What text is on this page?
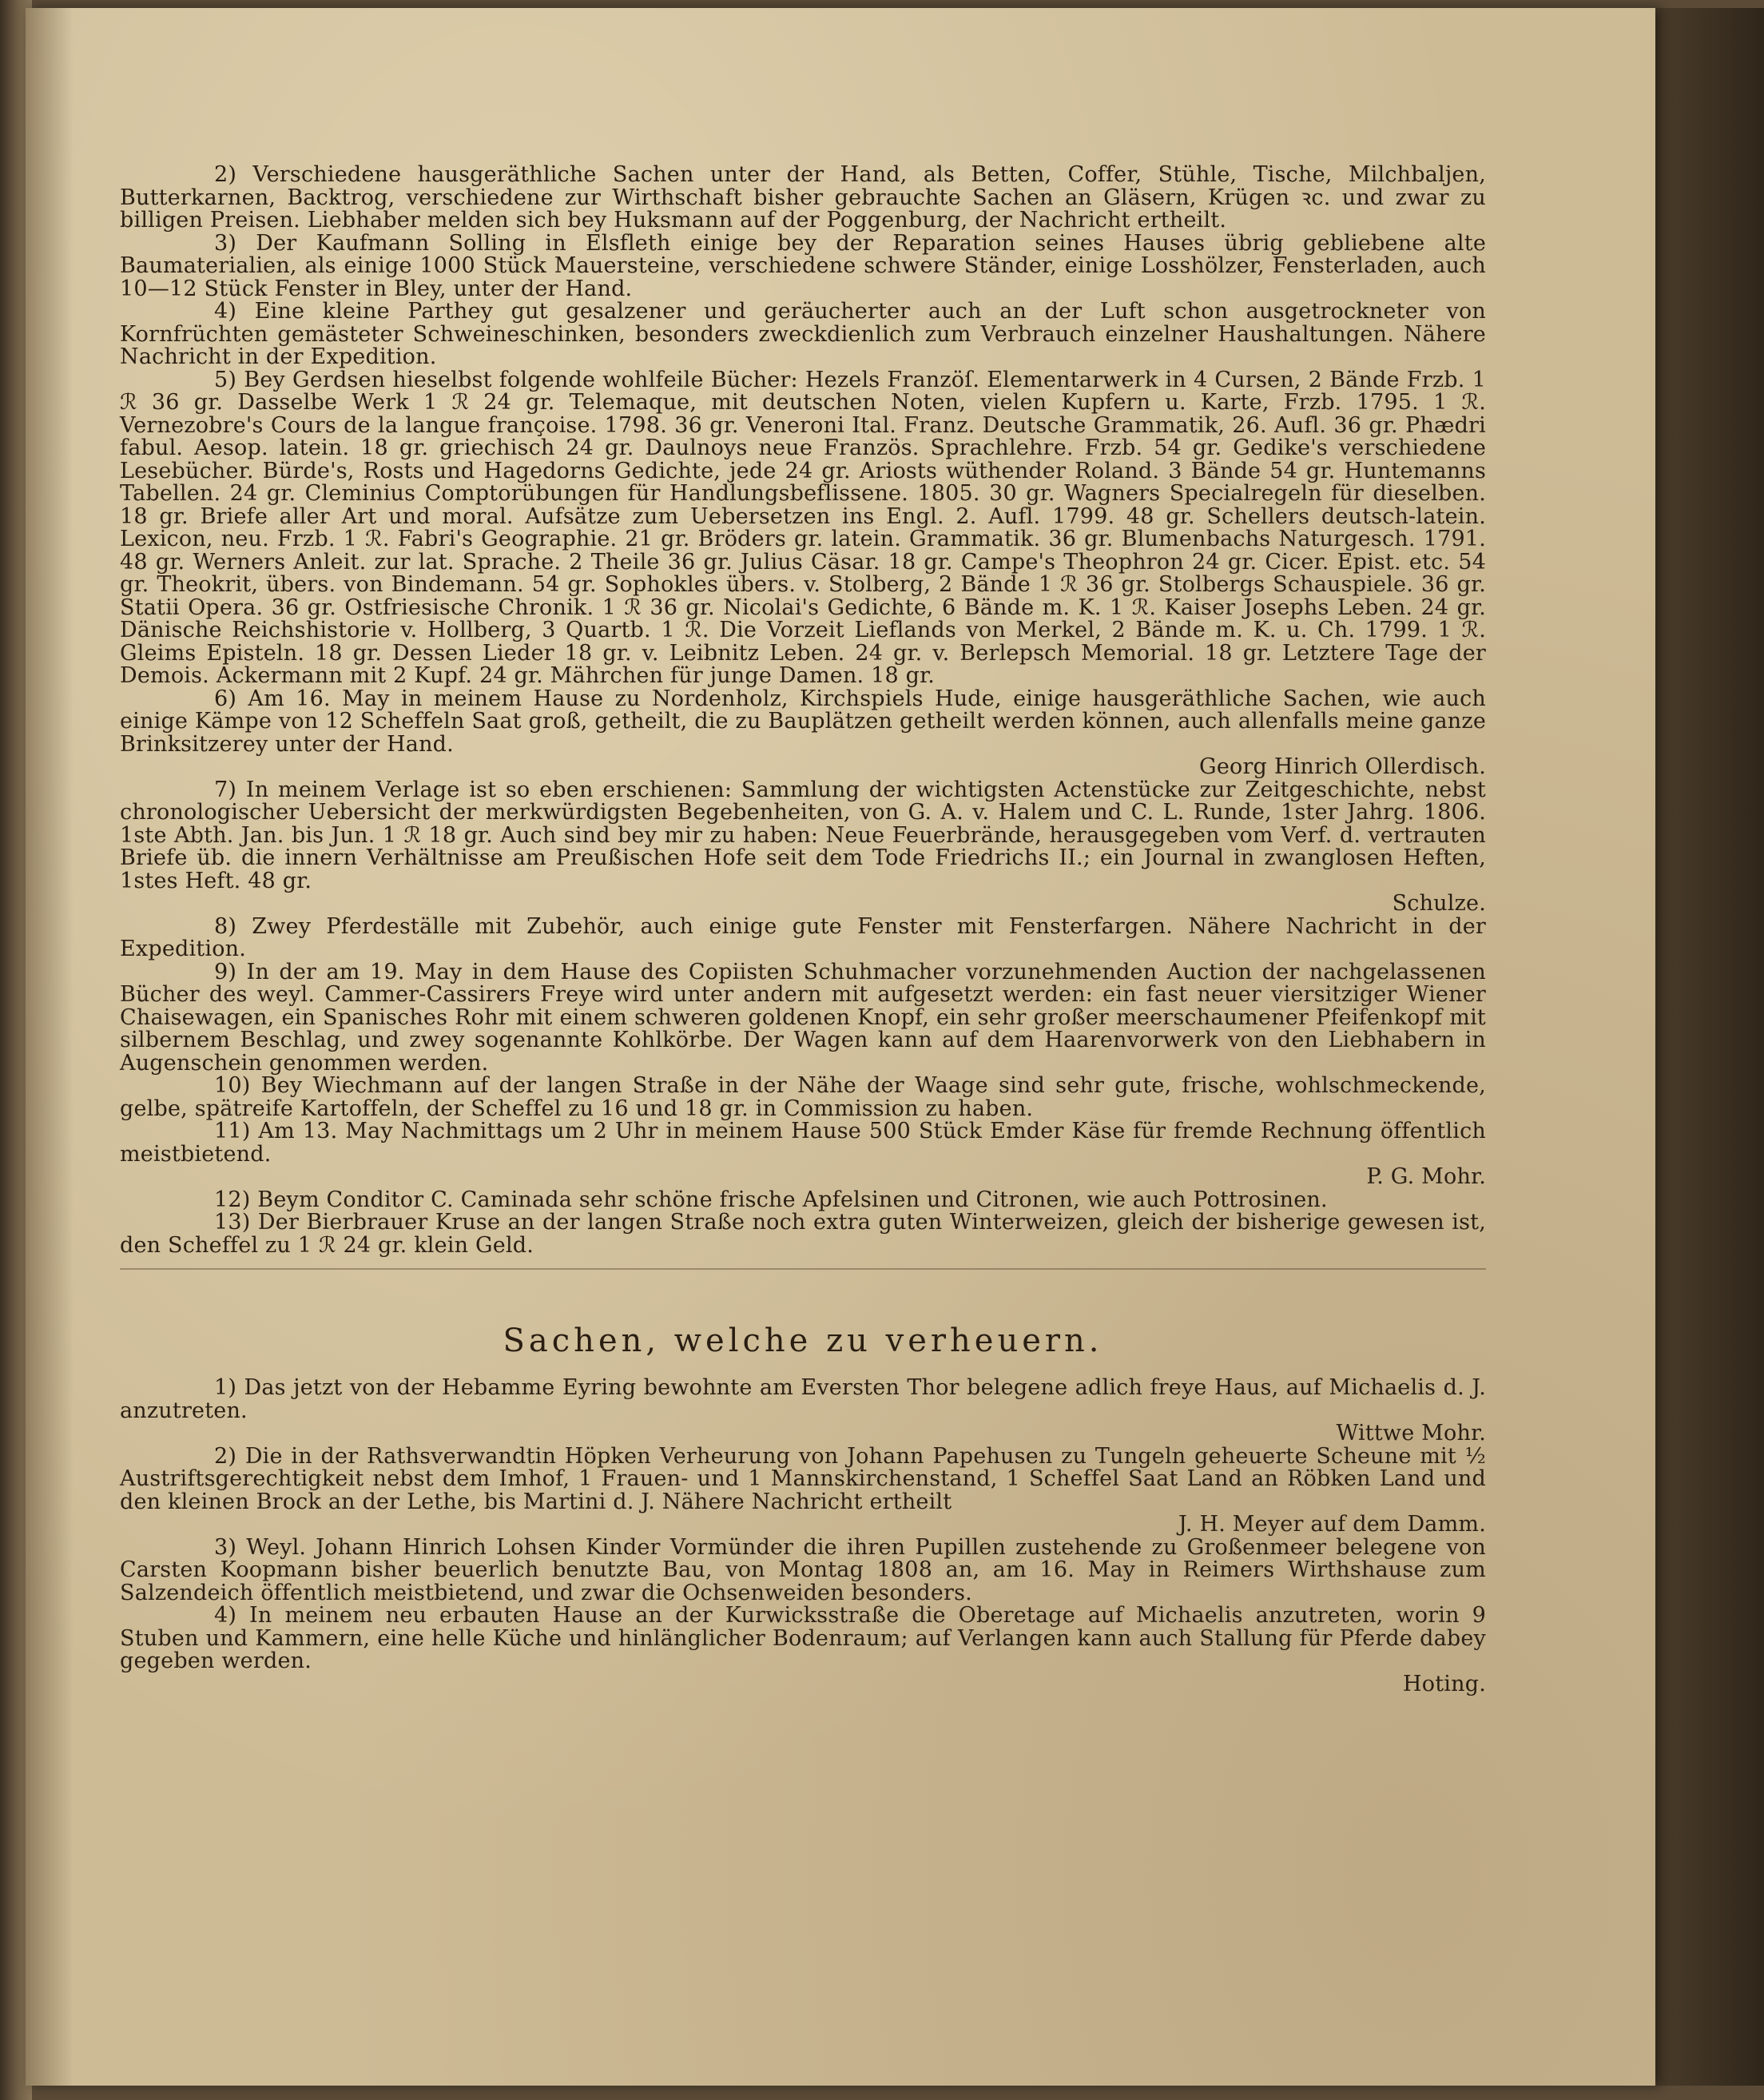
2) Verschiedene hausgeräthliche Sachen unter der Hand, als Betten, Coffer, Stühle, Tische, Milchbaljen, Butterkarnen, Backtrog, verschiedene zur Wirthschaft bisher gebrauchte Sachen an Gläsern, Krügen ꝛc. und zwar zu billigen Preisen. Liebhaber melden sich bey Huksmann auf der Poggenburg, der Nachricht ertheilt.

3) Der Kaufmann Solling in Elsfleth einige bey der Reparation seines Hauses übrig gebliebene alte Baumaterialien, als einige 1000 Stück Mauersteine, verschiedene schwere Ständer, einige Losshölzer, Fensterladen, auch 10—12 Stück Fenster in Bley, unter der Hand.

4) Eine kleine Parthey gut gesalzener und geräucherter auch an der Luft schon ausgetrockneter von Kornfrüchten gemästeter Schweineschinken, besonders zweckdienlich zum Verbrauch einzelner Haushaltungen. Nähere Nachricht in der Expedition.

5) Bey Gerdsen hieselbst folgende wohlfeile Bücher: Hezels Franzöſ. Elementarwerk in 4 Cursen, 2 Bände Frzb. 1 ℛ 36 gr. Dasselbe Werk 1 ℛ 24 gr. Telemaque, mit deutschen Noten, vielen Kupfern u. Karte, Frzb. 1795. 1 ℛ. Vernezobre's Cours de la langue françoise. 1798. 36 gr. Veneroni Ital. Franz. Deutsche Grammatik, 26. Aufl. 36 gr. Phædri fabul. Aesop. latein. 18 gr. griechisch 24 gr. Daulnoys neue Französ. Sprachlehre. Frzb. 54 gr. Gedike's verschiedene Lesebücher. Bürde's, Rosts und Hagedorns Gedichte, jede 24 gr. Ariosts wüthender Roland. 3 Bände 54 gr. Huntemanns Tabellen. 24 gr. Cleminius Comptorübungen für Handlungsbeflissene. 1805. 30 gr. Wagners Specialregeln für dieselben. 18 gr. Briefe aller Art und moral. Aufsätze zum Uebersetzen ins Engl. 2. Aufl. 1799. 48 gr. Schellers deutsch-latein. Lexicon, neu. Frzb. 1 ℛ. Fabri's Geographie. 21 gr. Bröders gr. latein. Grammatik. 36 gr. Blumenbachs Naturgesch. 1791. 48 gr. Werners Anleit. zur lat. Sprache. 2 Theile 36 gr. Julius Cäsar. 18 gr. Campe's Theophron 24 gr. Cicer. Epist. etc. 54 gr. Theokrit, übers. von Bindemann. 54 gr. Sophokles übers. v. Stolberg, 2 Bände 1 ℛ 36 gr. Stolbergs Schauspiele. 36 gr. Statii Opera. 36 gr. Ostfriesische Chronik. 1 ℛ 36 gr. Nicolai's Gedichte, 6 Bände m. K. 1 ℛ. Kaiser Josephs Leben. 24 gr. Dänische Reichshistorie v. Hollberg, 3 Quartb. 1 ℛ. Die Vorzeit Lieflands von Merkel, 2 Bände m. K. u. Ch. 1799. 1 ℛ. Gleims Episteln. 18 gr. Dessen Lieder 18 gr. v. Leibnitz Leben. 24 gr. v. Berlepsch Memorial. 18 gr. Letztere Tage der Demois. Ackermann mit 2 Kupf. 24 gr. Mährchen für junge Damen. 18 gr.

6) Am 16. May in meinem Hause zu Nordenholz, Kirchspiels Hude, einige hausgeräthliche Sachen, wie auch einige Kämpe von 12 Scheffeln Saat groß, getheilt, die zu Bauplätzen getheilt werden können, auch allenfalls meine ganze Brinksitzerey unter der Hand.
Georg Hinrich Ollerdisch.

7) In meinem Verlage ist so eben erschienen: Sammlung der wichtigsten Actenstücke zur Zeitgeschichte, nebst chronologischer Uebersicht der merkwürdigsten Begebenheiten, von G. A. v. Halem und C. L. Runde, 1ster Jahrg. 1806. 1ste Abth. Jan. bis Jun. 1 ℛ 18 gr. Auch sind bey mir zu haben: Neue Feuerbrände, herausgegeben vom Verf. d. vertrauten Briefe üb. die innern Verhältnisse am Preußischen Hofe seit dem Tode Friedrichs II.; ein Journal in zwanglosen Heften, 1stes Heft. 48 gr.
Schulze.

8) Zwey Pferdeställe mit Zubehör, auch einige gute Fenster mit Fensterfargen. Nähere Nachricht in der Expedition.

9) In der am 19. May in dem Hause des Copiisten Schuhmacher vorzunehmenden Auction der nachgelassenen Bücher des weyl. Cammer-Cassirers Freye wird unter andern mit aufgesetzt werden: ein fast neuer viersitziger Wiener Chaisewagen, ein Spanisches Rohr mit einem schweren goldenen Knopf, ein sehr großer meerschaumener Pfeifenkopf mit silbernem Beschlag, und zwey sogenannte Kohlkörbe. Der Wagen kann auf dem Haarenvorwerk von den Liebhabern in Augenschein genommen werden.

10) Bey Wiechmann auf der langen Straße in der Nähe der Waage sind sehr gute, frische, wohlschmeckende, gelbe, spätreife Kartoffeln, der Scheffel zu 16 und 18 gr. in Commission zu haben.

11) Am 13. May Nachmittags um 2 Uhr in meinem Hause 500 Stück Emder Käse für fremde Rechnung öffentlich meistbietend.
P. G. Mohr.

12) Beym Conditor C. Caminada sehr schöne frische Apfelsinen und Citronen, wie auch Pottrosinen.

13) Der Bierbrauer Kruse an der langen Straße noch extra guten Winterweizen, gleich der bisherige gewesen ist, den Scheffel zu 1 ℛ 24 gr. klein Geld.

Sachen, welche zu verheuern.

1) Das jetzt von der Hebamme Eyring bewohnte am Eversten Thor belegene adlich freye Haus, auf Michaelis d. J. anzutreten.
Wittwe Mohr.

2) Die in der Rathsverwandtin Höpken Verheurung von Johann Papehusen zu Tungeln geheuerte Scheune mit ½ Austriftsgerechtigkeit nebst dem Imhof, 1 Frauen- und 1 Mannskirchenstand, 1 Scheffel Saat Land an Röbken Land und den kleinen Brock an der Lethe, bis Martini d. J. Nähere Nachricht ertheilt
J. H. Meyer auf dem Damm.

3) Weyl. Johann Hinrich Lohsen Kinder Vormünder die ihren Pupillen zustehende zu Großenmeer belegene von Carsten Koopmann bisher beuerlich benutzte Bau, von Montag 1808 an, am 16. May in Reimers Wirthshause zum Salzendeich öffentlich meistbietend, und zwar die Ochsenweiden besonders.

4) In meinem neu erbauten Hause an der Kurwicksstraße die Oberetage auf Michaelis anzutreten, worin 9 Stuben und Kammern, eine helle Küche und hinlänglicher Bodenraum; auf Verlangen kann auch Stallung für Pferde dabey gegeben werden.
Hoting.
